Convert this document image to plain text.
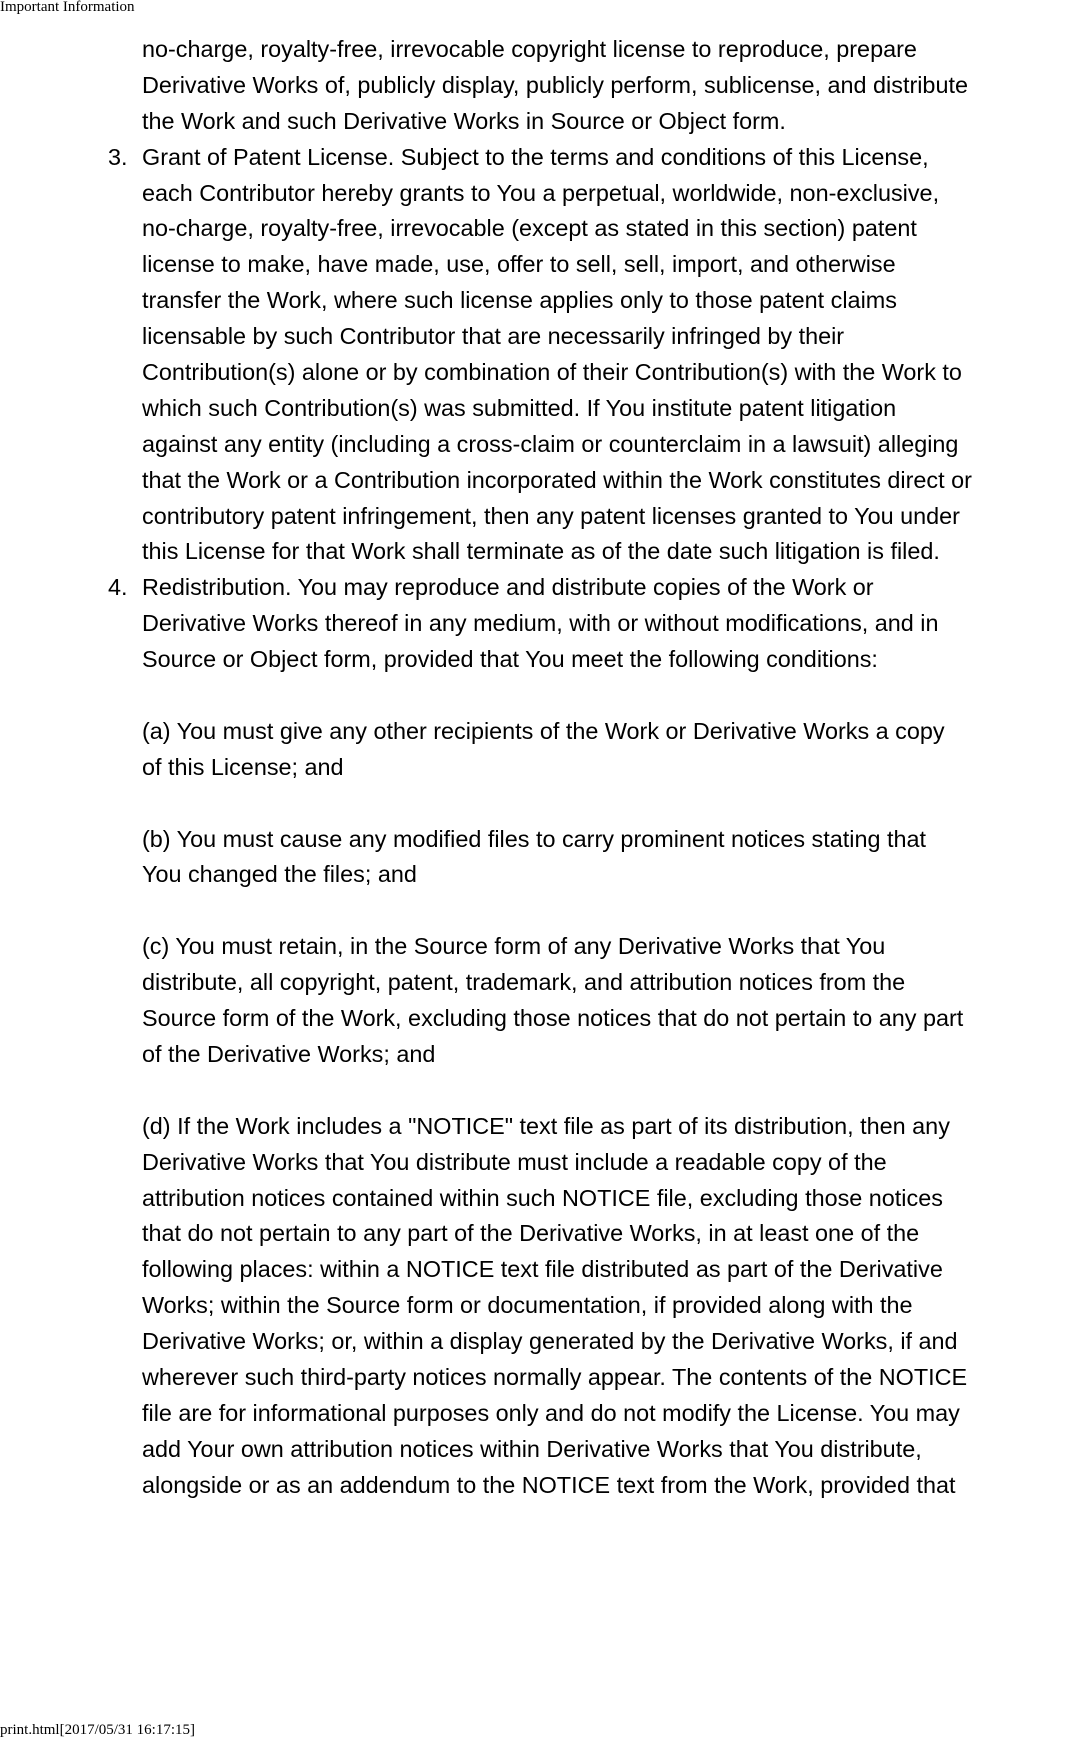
Important Information
no-charge, royalty-free, irrevocable copyright license to reproduce, prepare
Derivative Works of, publicly display, publicly perform, sublicense, and distribute
the Work and such Derivative Works in Source or Object form.
3. Grant of Patent License. Subject to the terms and conditions of this License,
each Contributor hereby grants to You a perpetual, worldwide, non-exclusive,
no-charge, royalty-free, irrevocable (except as stated in this section) patent
license to make, have made, use, offer to sell, sell, import, and otherwise
transfer the Work, where such license applies only to those patent claims
licensable by such Contributor that are necessarily infringed by their
Contribution(s) alone or by combination of their Contribution(s) with the Work to
which such Contribution(s) was submitted. If You institute patent litigation
against any entity (including a cross-claim or counterclaim in a lawsuit) alleging
that the Work or a Contribution incorporated within the Work constitutes direct or
contributory patent infringement, then any patent licenses granted to You under
this License for that Work shall terminate as of the date such litigation is filed.
4. Redistribution. You may reproduce and distribute copies of the Work or
Derivative Works thereof in any medium, with or without modifications, and in
Source or Object form, provided that You meet the following conditions:
(a) You must give any other recipients of the Work or Derivative Works a copy
of this License; and
(b) You must cause any modified files to carry prominent notices stating that
You changed the files; and
(c) You must retain, in the Source form of any Derivative Works that You
distribute, all copyright, patent, trademark, and attribution notices from the
Source form of the Work, excluding those notices that do not pertain to any part
of the Derivative Works; and
(d) If the Work includes a "NOTICE" text file as part of its distribution, then any
Derivative Works that You distribute must include a readable copy of the
attribution notices contained within such NOTICE file, excluding those notices
that do not pertain to any part of the Derivative Works, in at least one of the
following places: within a NOTICE text file distributed as part of the Derivative
Works; within the Source form or documentation, if provided along with the
Derivative Works; or, within a display generated by the Derivative Works, if and
wherever such third-party notices normally appear. The contents of the NOTICE
file are for informational purposes only and do not modify the License. You may
add Your own attribution notices within Derivative Works that You distribute,
alongside or as an addendum to the NOTICE text from the Work, provided that
print.html[2017/05/31 16:17:15]
